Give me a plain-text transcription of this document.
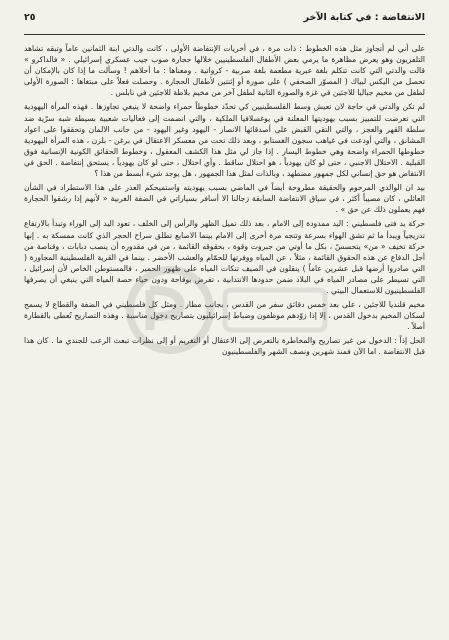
الانتفاضة : في كتابة الآخر
٢٥

على أني لم أتجاوز مثل هذه الخطوط : ذات مرة ، في أخريات الإنتفاضة الأولى ، كانت والدتي ابنة الثمانين عاماً وتبقه تشاهد التلفزيون وهو يعرض مظاهرة ما يرمي بعض الأطفال الفلسطينيين خلالها حجارة صوب جيب عسكري إسرائيلي . « فالداكرو » قالت والدتي التي كانت تتكلم بلغة عبرية مطعمة بلغة صربية - كرواتية . ومعناها : ما أحلاهم ! وسألت ما إذا كان بالإمكان أن تحصل من اليكس لبياك ( المصوّر الصحفي ) على صورة أو إثنتين لأطفال الحجارة . وحصلت فعلاً على مبتغاها : الصورة الأولى لطفل من مخيم جباليا للاجئين في غزة والصورة الثانية لطفل آخر من مخيم بلاطة للاجئين في نابلس .

لم تكن والدتي في حاجة لان تعيش وسط الفلسطينيين كي تحدّد خطوطاً حمراء واضحة لا ينبغي تجاوزها . فهذه المرأة اليهودية التي تعرضت للتمييز بسبب يهوديتها المعلنة في يوغسلافيا الملكية ، والتي انضمت إلى فعاليات شعبية بسيطة شبه سرّية ضد سلطة القهر والعجز ، والتي التقي القبض على أصدقائها الانصار - اليهود وغير اليهود - من جانب الالمان وتحققوا على اعواد المشانق ، والتي أودعت في غياهب سجون الغستابو ، وبعد ذلك تحت من معسكر الاعتقال في برغن - بلزن ، هذه المرأة اليهودية خطوطها الحمراء واضحة وهي خطوط اليسار . إذا جاز لي مثل هذا الكشف المعقول ، وخطوط الحقائق الكونية الإنسانية فوق القبلية . الاحتلال الاجنبي ، حتى لو كان يهودياً ، هو احتلال ساقط . وأي احتلال ، حتى لو كان يهودياً ، يستحق إنتفاضة . الحق في الانتفاض هو حق إنساني لكل جمهور مضطهد ، وبالذات لمثل هذا الجمهور ، هل يوجد شيء أبسط من هذا ؟

بيد ان الوالدي المرحوم والحقيقة مطروحة أيضاً في الماضي بسبب يهوديته واستميحكم العذر على هذا الاستطراد في الشأن العائلي ، كان مصيباً أكثر ، في سياق الانتفاضة السابقة زجالنا الا أسافر بسياراتي في الضفة الغربية « لأنهم إذا رشقوا الحجارة فهم يعملون ذلك عن حق » .

حركة يد فتى فلسطيني : اليد ممدودة إلى الامام ، بعد ذلك تميل الظهر والرأس إلى الخلف ، تعود اليد إلى الوراء وتبدأ بالارتفاع تدريجياً ويبدأ ما ثم تشق الهواء بسرعة وتتجه مرة أخرى إلى الامام بينما الاصابع تطلق سراح الحجر الذي كانت ممسكة به . إنها حركة تخيف « من» يتحسسّ ، بكل ما أوتي من جبروت وقوة ، بحقوقه القائمة ، من في مقدوره أن ينصب دبابات ، وقناصة من أجل الدفاع عن هذه الحقوق القائمة ، مثلاً ، عن المياه ووفرتها للحمّام والعشب الأخضر . بينما في القرية الفلسطينية المجاورة ( التي صادروا أرضها قبل عشرين عاماً ) ينقلون في الصيف تنكات المياه على ظهور الحمير ، فالمستوطن الخاص لأن إسرائيل ، التي تسيطر على مصادر المياه في البلاد ضمن حدودها الانتدابية ، تفرض بوقاحة ودون حياء حصة المياه التي ينبغي أن يصرفها الفلسطينيون للاستعمال البيتي .

مخيم قلنديا للاجئين ، على بعد خمس دقائق سفر من القدس ، بجانب مطار . ومثل كل فلسطيني في الضفة والقطاع لا يسمح لسكان المخيم بدخول القدس ، إلا إذا زوّدهم موظفون وضباط إسرائيليون بتصاريح دخول مناسبة . وهذه التصاريح تُعطى بالقطارة أصلاً .

الحل إذاً : الدخول من غير تصاريح والمخاطرة بالتعرض إلى الاعتقال أو التغريم أو إلى نظرات تبعث الرعب للجندي ما . كان هذا قبل الانتفاضة . اما الآن فمنذ شهرين ونصف الشهر والفلسطينيون
